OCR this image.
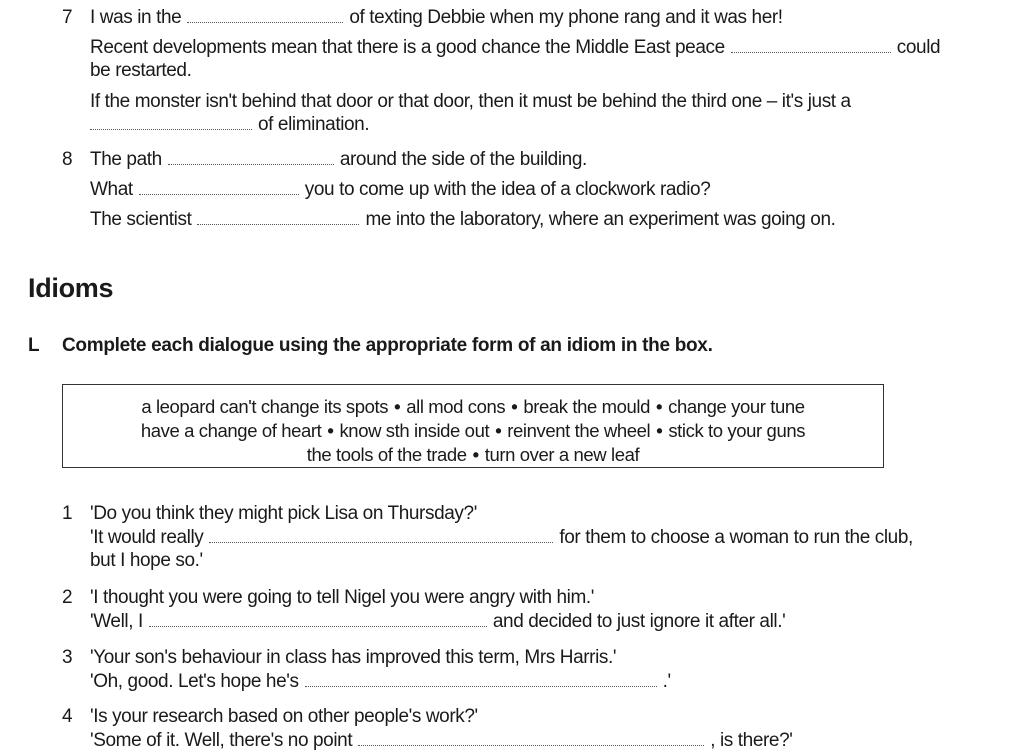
7 I was in the	of texting Debbie when my phone rang and it was her!
Recent developments mean that there is a good chance the Middle East peace	could
be restarted.
If the monster isn't behind that door or that door, then it must be behind the third one – it's just a
of elimination.
8 The path	around the side of the building.
What	you to come up with the idea of a clockwork radio?
The scientist	me into the laboratory, where an experiment was going on.
Idioms
L Complete each dialogue using the appropriate form of an idiom in the box.
a leopard can't change its spots • all mod cons • break the mould • change your tune
have a change of heart • know sth inside out • reinvent the wheel • stick to your guns
the tools of the trade • turn over a new leaf
1 'Do you think they might pick Lisa on Thursday?'
'It would really	for them to choose a woman to run the club,
but I hope so.'
2 'I thought you were going to tell Nigel you were angry with him.'
'Well, I	and decided to just ignore it after all.'
3 'Your son's behaviour in class has improved this term, Mrs Harris.'
'Oh, good. Let's hope he's	.'
4 'Is your research based on other people's work?'
'Some of it. Well, there's no point	, is there?'
